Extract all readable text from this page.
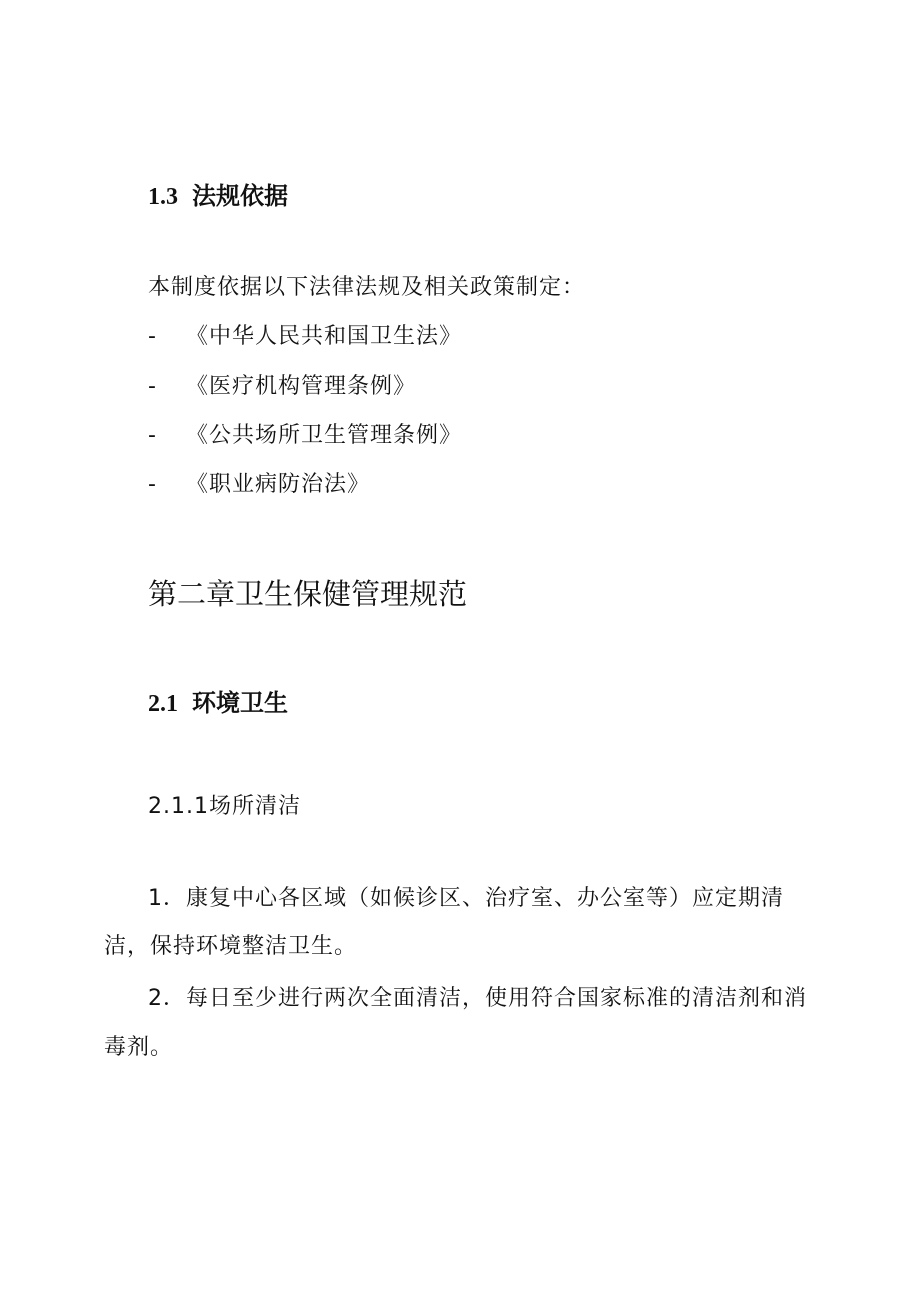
1.3 法规依据
本制度依据以下法律法规及相关政策制定：
- 《中华人民共和国卫生法》
- 《医疗机构管理条例》
- 《公共场所卫生管理条例》
- 《职业病防治法》
第二章卫生保健管理规范
2.1 环境卫生
2.1.1场所清洁
1．康复中心各区域（如候诊区、治疗室、办公室等）应定期清
洁，保持环境整洁卫生。
2．每日至少进行两次全面清洁，使用符合国家标准的清洁剂和消
毒剂。
